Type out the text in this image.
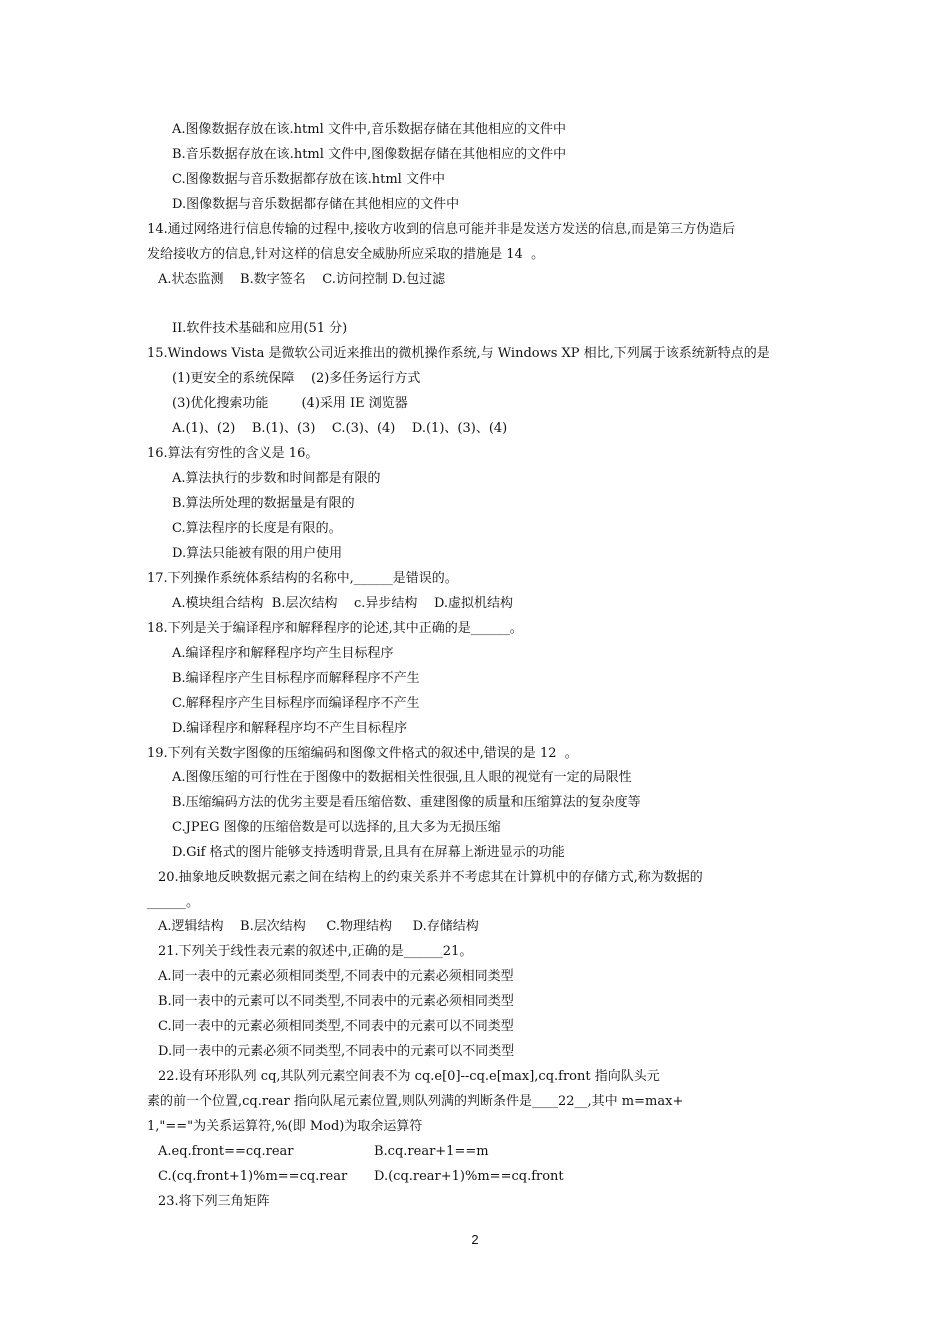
A.图像数据存放在该.html 文件中,音乐数据存储在其他相应的文件中
B.音乐数据存放在该.html 文件中,图像数据存储在其他相应的文件中
C.图像数据与音乐数据都存放在该.html 文件中
D.图像数据与音乐数据都存储在其他相应的文件中
14.通过网络进行信息传输的过程中,接收方收到的信息可能并非是发送方发送的信息,而是第三方伪造后
发给接收方的信息,针对这样的信息安全威胁所应采取的措施是 14  。
A.状态监测    B.数字签名    C.访问控制 D.包过滤
II.软件技术基础和应用(51 分)
15.Windows Vista 是微软公司近来推出的微机操作系统,与 Windows XP 相比,下列属于该系统新特点的是
(1)更安全的系统保障    (2)多任务运行方式
(3)优化搜索功能        (4)采用 IE 浏览器
A.(1)、(2)    B.(1)、(3)    C.(3)、(4)    D.(1)、(3)、(4)
16.算法有穷性的含义是 16。
A.算法执行的步数和时间都是有限的
B.算法所处理的数据量是有限的
C.算法程序的长度是有限的。
D.算法只能被有限的用户使用
17.下列操作系统体系结构的名称中,______是错误的。
A.模块组合结构  B.层次结构    c.异步结构    D.虚拟机结构
18.下列是关于编译程序和解释程序的论述,其中正确的是______。
A.编译程序和解释程序均产生目标程序
B.编译程序产生目标程序而解释程序不产生
C.解释程序产生目标程序而编译程序不产生
D.编译程序和解释程序均不产生目标程序
19.下列有关数字图像的压缩编码和图像文件格式的叙述中,错误的是 12  。
A.图像压缩的可行性在于图像中的数据相关性很强,且人眼的视觉有一定的局限性
B.压缩编码方法的优劣主要是看压缩倍数、重建图像的质量和压缩算法的复杂度等
C.JPEG 图像的压缩倍数是可以选择的,且大多为无损压缩
D.Gif 格式的图片能够支持透明背景,且具有在屏幕上渐进显示的功能
20.抽象地反映数据元素之间在结构上的约束关系并不考虑其在计算机中的存储方式,称为数据的
______。
A.逻辑结构    B.层次结构     C.物理结构     D.存储结构
21.下列关于线性表元素的叙述中,正确的是______21。
A.同一表中的元素必须相同类型,不同表中的元素必须相同类型
B.同一表中的元素可以不同类型,不同表中的元素必须相同类型
C.同一表中的元素必须相同类型,不同表中的元素可以不同类型
D.同一表中的元素必须不同类型,不同表中的元素可以不同类型
22.设有环形队列 cq,其队列元素空间表不为 cq.e[0]--cq.e[max],cq.front 指向队头元
素的前一个位置,cq.rear 指向队尾元素位置,则队列满的判断条件是____22__,其中 m=max+
1,"=="为关系运算符,%(即 Mod)为取余运算符
A.eq.front==cq.rear	B.cq.rear+1==m
C.(cq.front+1)%m==cq.rear D.(cq.rear+1)%m==cq.front
23.将下列三角矩阵
2
